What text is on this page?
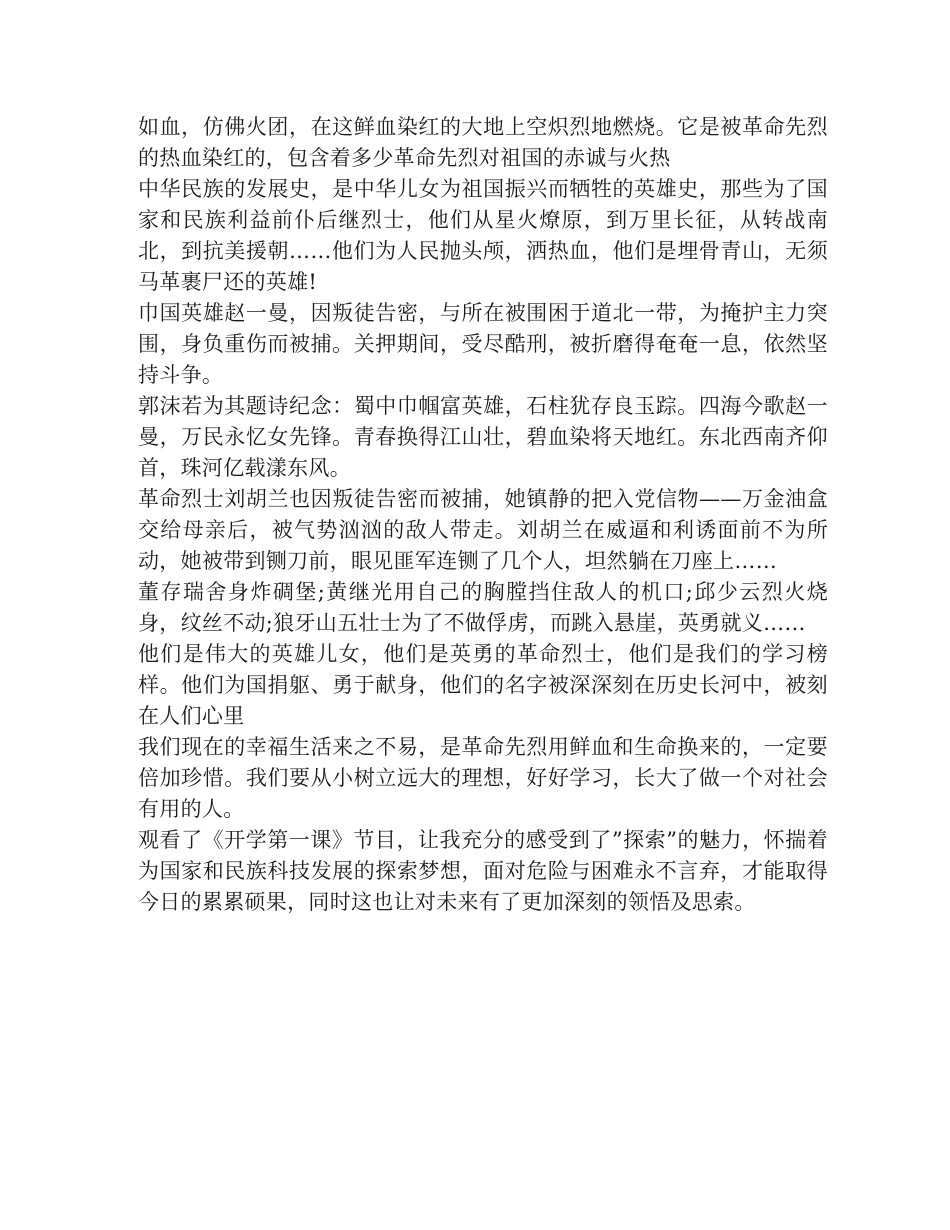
如血，仿佛火团，在这鲜血染红的大地上空炽烈地燃烧。它是被革命先烈的热血染红的，包含着多少革命先烈对祖国的赤诚与火热

中华民族的发展史，是中华儿女为祖国振兴而牺牲的英雄史，那些为了国家和民族利益前仆后继烈士，他们从星火燎原，到万里长征，从转战南北，到抗美援朝……他们为人民抛头颅，洒热血，他们是埋骨青山，无须马革裹尸还的英雄!

巾国英雄赵一曼，因叛徒告密，与所在被围困于道北一带，为掩护主力突围，身负重伤而被捕。关押期间，受尽酷刑，被折磨得奄奄一息，依然坚持斗争。

郭沫若为其题诗纪念：蜀中巾帼富英雄，石柱犹存良玉踪。四海今歌赵一曼，万民永忆女先锋。青春换得江山壮，碧血染将天地红。东北西南齐仰首，珠河亿载漾东风。

革命烈士刘胡兰也因叛徒告密而被捕，她镇静的把入党信物——万金油盒交给母亲后，被气势汹汹的敌人带走。刘胡兰在威逼和利诱面前不为所动，她被带到铡刀前，眼见匪军连铡了几个人，坦然躺在刀座上……

董存瑞舍身炸碉堡;黄继光用自己的胸膛挡住敌人的机口;邱少云烈火烧身，纹丝不动;狼牙山五壮士为了不做俘虏，而跳入悬崖，英勇就义……

他们是伟大的英雄儿女，他们是英勇的革命烈士，他们是我们的学习榜样。他们为国捐躯、勇于献身，他们的名字被深深刻在历史长河中，被刻在人们心里

我们现在的幸福生活来之不易，是革命先烈用鲜血和生命换来的，一定要倍加珍惜。我们要从小树立远大的理想，好好学习，长大了做一个对社会有用的人。

观看了《开学第一课》节目，让我充分的感受到了”探索”的魅力，怀揣着为国家和民族科技发展的探索梦想，面对危险与困难永不言弃，才能取得今日的累累硕果，同时这也让对未来有了更加深刻的领悟及思索。
